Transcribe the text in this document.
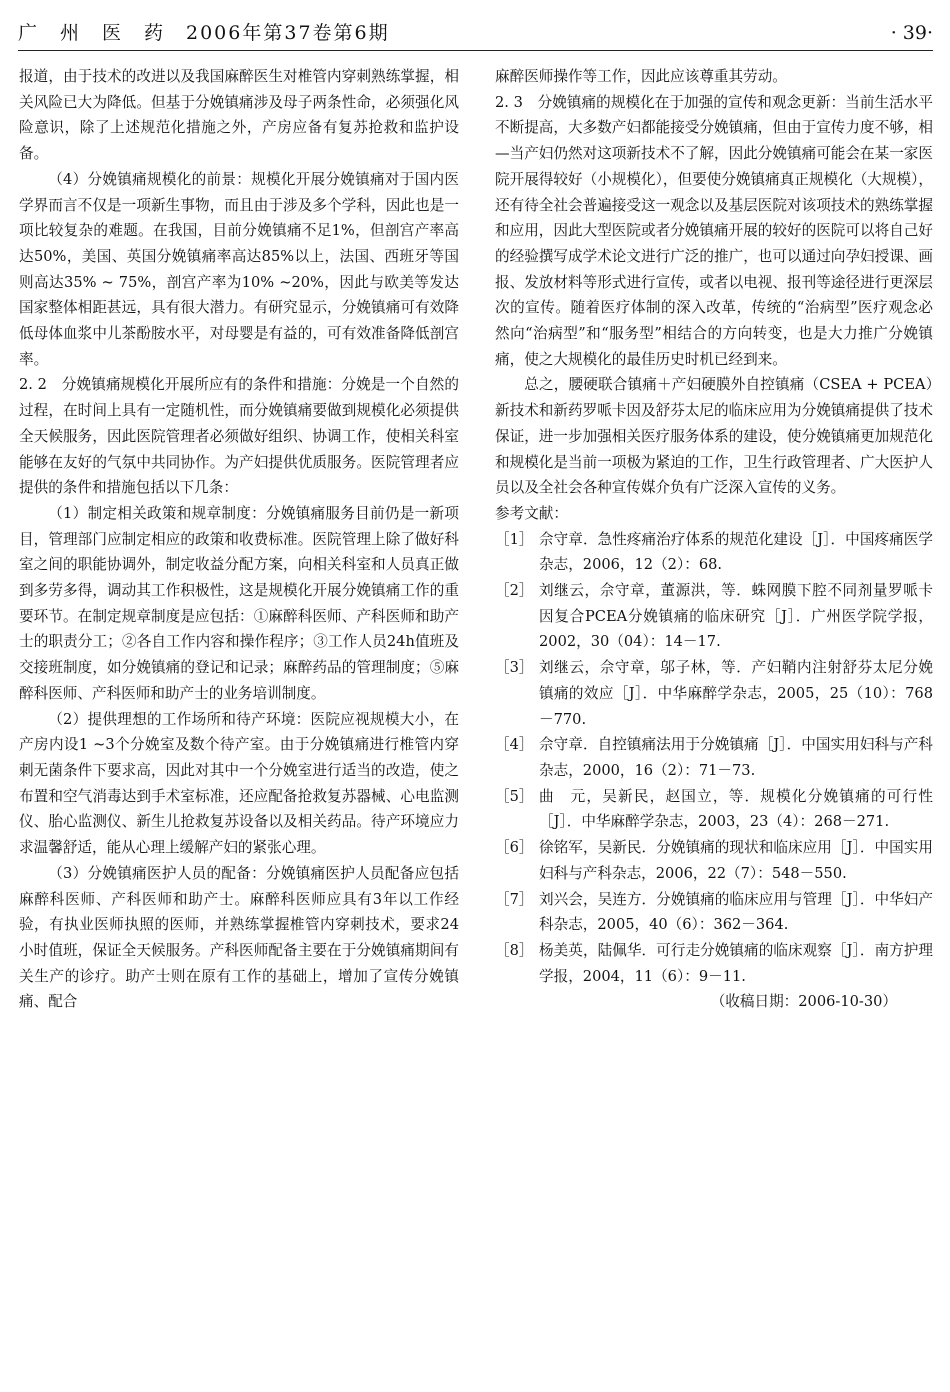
广　州　医　药　2006年第37卷第6期	· 39·

报道，由于技术的改进以及我国麻醉医生对椎管内穿刺熟练掌握，相关风险已大为降低。但基于分娩镇痛涉及母子两条性命，必须强化风险意识，除了上述规范化措施之外，产房应备有复苏抢救和监护设备。

（4）分娩镇痛规模化的前景：规模化开展分娩镇痛对于国内医学界而言不仅是一项新生事物，而且由于涉及多个学科，因此也是一项比较复杂的难题。在我国，目前分娩镇痛不足1%，但剖宫产率高达50%，美国、英国分娩镇痛率高达85%以上，法国、西班牙等国则高达35% ~ 75%，剖宫产率为10% ~20%，因此与欧美等发达国家整体相距甚远，具有很大潜力。有研究显示，分娩镇痛可有效降低母体血浆中儿茶酚胺水平，对母婴是有益的，可有效准备降低剖宫率。

2. 2　分娩镇痛规模化开展所应有的条件和措施：分娩是一个自然的过程，在时间上具有一定随机性，而分娩镇痛要做到规模化必须提供全天候服务，因此医院管理者必须做好组织、协调工作，使相关科室能够在友好的气氛中共同协作。为产妇提供优质服务。医院管理者应提供的条件和措施包括以下几条：

（1）制定相关政策和规章制度：分娩镇痛服务目前仍是一新项目，管理部门应制定相应的政策和收费标准。医院管理上除了做好科室之间的职能协调外，制定收益分配方案，向相关科室和人员真正做到多劳多得，调动其工作积极性，这是规模化开展分娩镇痛工作的重要环节。在制定规章制度是应包括：①麻醉科医师、产科医师和助产士的职责分工；②各自工作内容和操作程序；③工作人员24h值班及交接班制度，如分娩镇痛的登记和记录；麻醉药品的管理制度；⑤麻醉科医师、产科医师和助产士的业务培训制度。

（2）提供理想的工作场所和待产环境：医院应视规模大小，在产房内设1 ~3个分娩室及数个待产室。由于分娩镇痛进行椎管内穿刺无菌条件下要求高，因此对其中一个分娩室进行适当的改造，使之布置和空气消毒达到手术室标准，还应配备抢救复苏器械、心电监测仪、胎心监测仪、新生儿抢救复苏设备以及相关药品。待产环境应力求温馨舒适，能从心理上缓解产妇的紧张心理。

（3）分娩镇痛医护人员的配备：分娩镇痛医护人员配备应包括麻醉科医师、产科医师和助产士。麻醉科医师应具有3年以工作经验，有执业医师执照的医师，并熟练掌握椎管内穿刺技术，要求24小时值班，保证全天候服务。产科医师配备主要在于分娩镇痛期间有关生产的诊疗。助产士则在原有工作的基础上，增加了宣传分娩镇痛、配合

麻醉医师操作等工作，因此应该尊重其劳动。

2. 3　分娩镇痛的规模化在于加强的宣传和观念更新：当前生活水平不断提高，大多数产妇都能接受分娩镇痛，但由于宣传力度不够，相—当产妇仍然对这项新技术不了解，因此分娩镇痛可能会在某一家医院开展得较好（小规模化），但要使分娩镇痛真正规模化（大规模），还有待全社会普遍接受这一观念以及基层医院对该项技术的熟练掌握和应用，因此大型医院或者分娩镇痛开展的较好的医院可以将自己好的经验撰写成学术论文进行广泛的推广，也可以通过向孕妇授课、画报、发放材料等形式进行宣传，或者以电视、报刊等途径进行更深层次的宣传。随着医疗体制的深入改革，传统的“治病型”医疗观念必然向“治病型”和“服务型”相结合的方向转变，也是大力推广分娩镇痛，使之大规模化的最佳历史时机已经到来。

总之，腰硬联合镇痛＋产妇硬膜外自控镇痛（CSEA + PCEA）新技术和新药罗哌卡因及舒芬太尼的临床应用为分娩镇痛提供了技术保证，进一步加强相关医疗服务体系的建设，使分娩镇痛更加规范化和规模化是当前一项极为紧迫的工作，卫生行政管理者、广大医护人员以及全社会各种宣传媒介负有广泛深入宣传的义务。

参考文献：

［1］ 佘守章．急性疼痛治疗体系的规范化建设［J］．中国疼痛医学杂志，2006，12（2）：68.
［2］ 刘继云，佘守章，董源洪，等．蛛网膜下腔不同剂量罗哌卡因复合PCEA分娩镇痛的临床研究［J］．广州医学院学报，2002，30（04）：14－17.
［3］ 刘继云，佘守章，邬子林，等．产妇鞘内注射舒芬太尼分娩镇痛的效应［J］．中华麻醉学杂志，2005，25（10）：768－770.
［4］ 佘守章．自控镇痛法用于分娩镇痛［J］．中国实用妇科与产科杂志，2000，16（2）：71－73.
［5］ 曲　元，吴新民，赵国立，等．规模化分娩镇痛的可行性［J］．中华麻醉学杂志，2003，23（4）：268－271.
［6］ 徐铭军，吴新民．分娩镇痛的现状和临床应用［J］．中国实用妇科与产科杂志，2006，22（7）：548－550.
［7］ 刘兴会，吴连方．分娩镇痛的临床应用与管理［J］．中华妇产科杂志，2005，40（6）：362－364.
［8］ 杨美英，陆佩华．可行走分娩镇痛的临床观察［J］．南方护理学报，2004，11（6）：9－11.

（收稿日期：2006-10-30）
